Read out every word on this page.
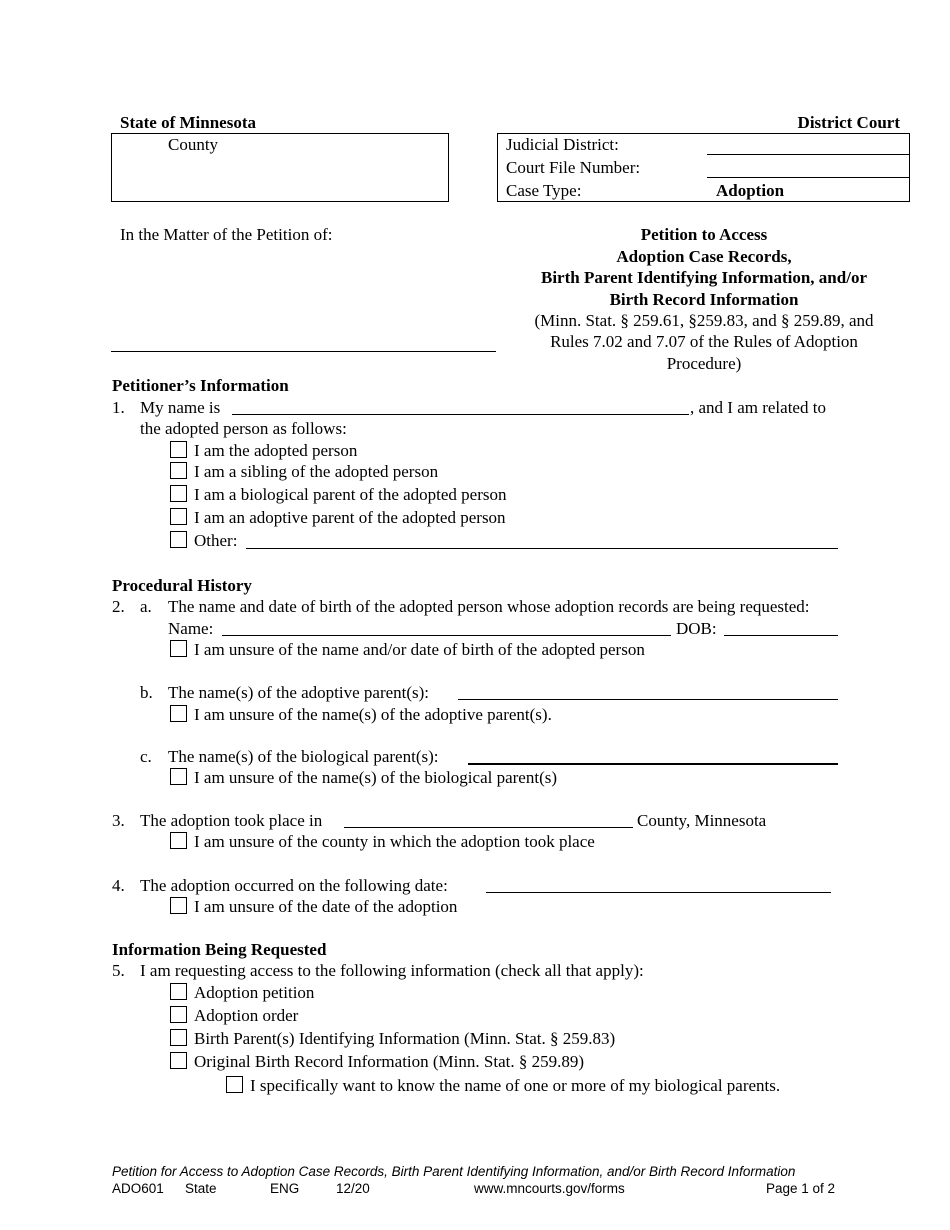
State of Minnesota	District Court
County	Judicial District:
Court File Number:
Case Type:	Adoption
In the Matter of the Petition of:	Petition to Access
Adoption Case Records,
Birth Parent Identifying Information, and/or
Birth Record Information
(Minn. Stat. § 259.61, §259.83, and § 259.89, and
Rules 7.02 and 7.07 of the Rules of Adoption
Procedure)
Petitioner’s Information
1. My name is	, and I am related to
the adopted person as follows:
I am the adopted person
I am a sibling of the adopted person
I am a biological parent of the adopted person
I am an adoptive parent of the adopted person
Other:
Procedural History
2. a. The name and date of birth of the adopted person whose adoption records are being requested:
Name:	DOB:
I am unsure of the name and/or date of birth of the adopted person
b. The name(s) of the adoptive parent(s):
I am unsure of the name(s) of the adoptive parent(s).
c. The name(s) of the biological parent(s):
I am unsure of the name(s) of the biological parent(s)
3. The adoption took place in	County, Minnesota
I am unsure of the county in which the adoption took place
4. The adoption occurred on the following date:
I am unsure of the date of the adoption
Information Being Requested
5. I am requesting access to the following information (check all that apply):
Adoption petition
Adoption order
Birth Parent(s) Identifying Information (Minn. Stat. § 259.83)
Original Birth Record Information (Minn. Stat. § 259.89)
I specifically want to know the name of one or more of my biological parents.
Petition for Access to Adoption Case Records, Birth Parent Identifying Information, and/or Birth Record Information
ADO601 State	ENG	12/20	www.mncourts.gov/forms	Page 1 of 2
